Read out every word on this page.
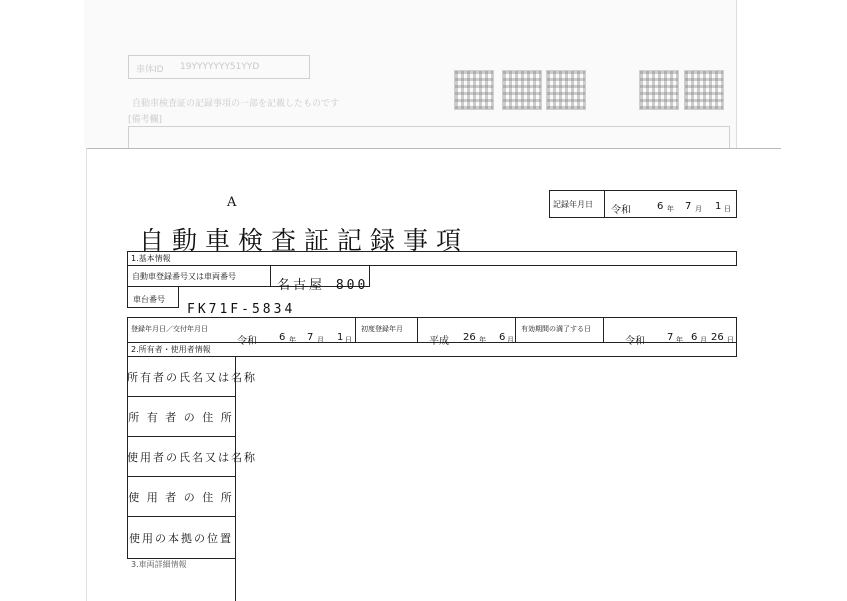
車体ID 19YYYYYYY51YYD
自動車検査証の記録事項の一部を記載したものです
[備考欄]
A	記録年月日
令和	6 年 7 月 1 日
自動車検査証記録事項
1.基本情報
自動車登録番号又は車両番号
名古屋 800
車台番号
FK71F-5834
登録年月日／交付年月日
令和 6 年 7 月 1 日
初度登録年月
平成 26 年 6 月
有効期間の満了する日
令和 7 年 6 月 26 日
2.所有者・使用者情報
所有者の氏名又は名称
所 有 者 の 住 所
使用者の氏名又は名称
使 用 者 の 住 所
使用の本拠の位置
3.車両詳細情報
